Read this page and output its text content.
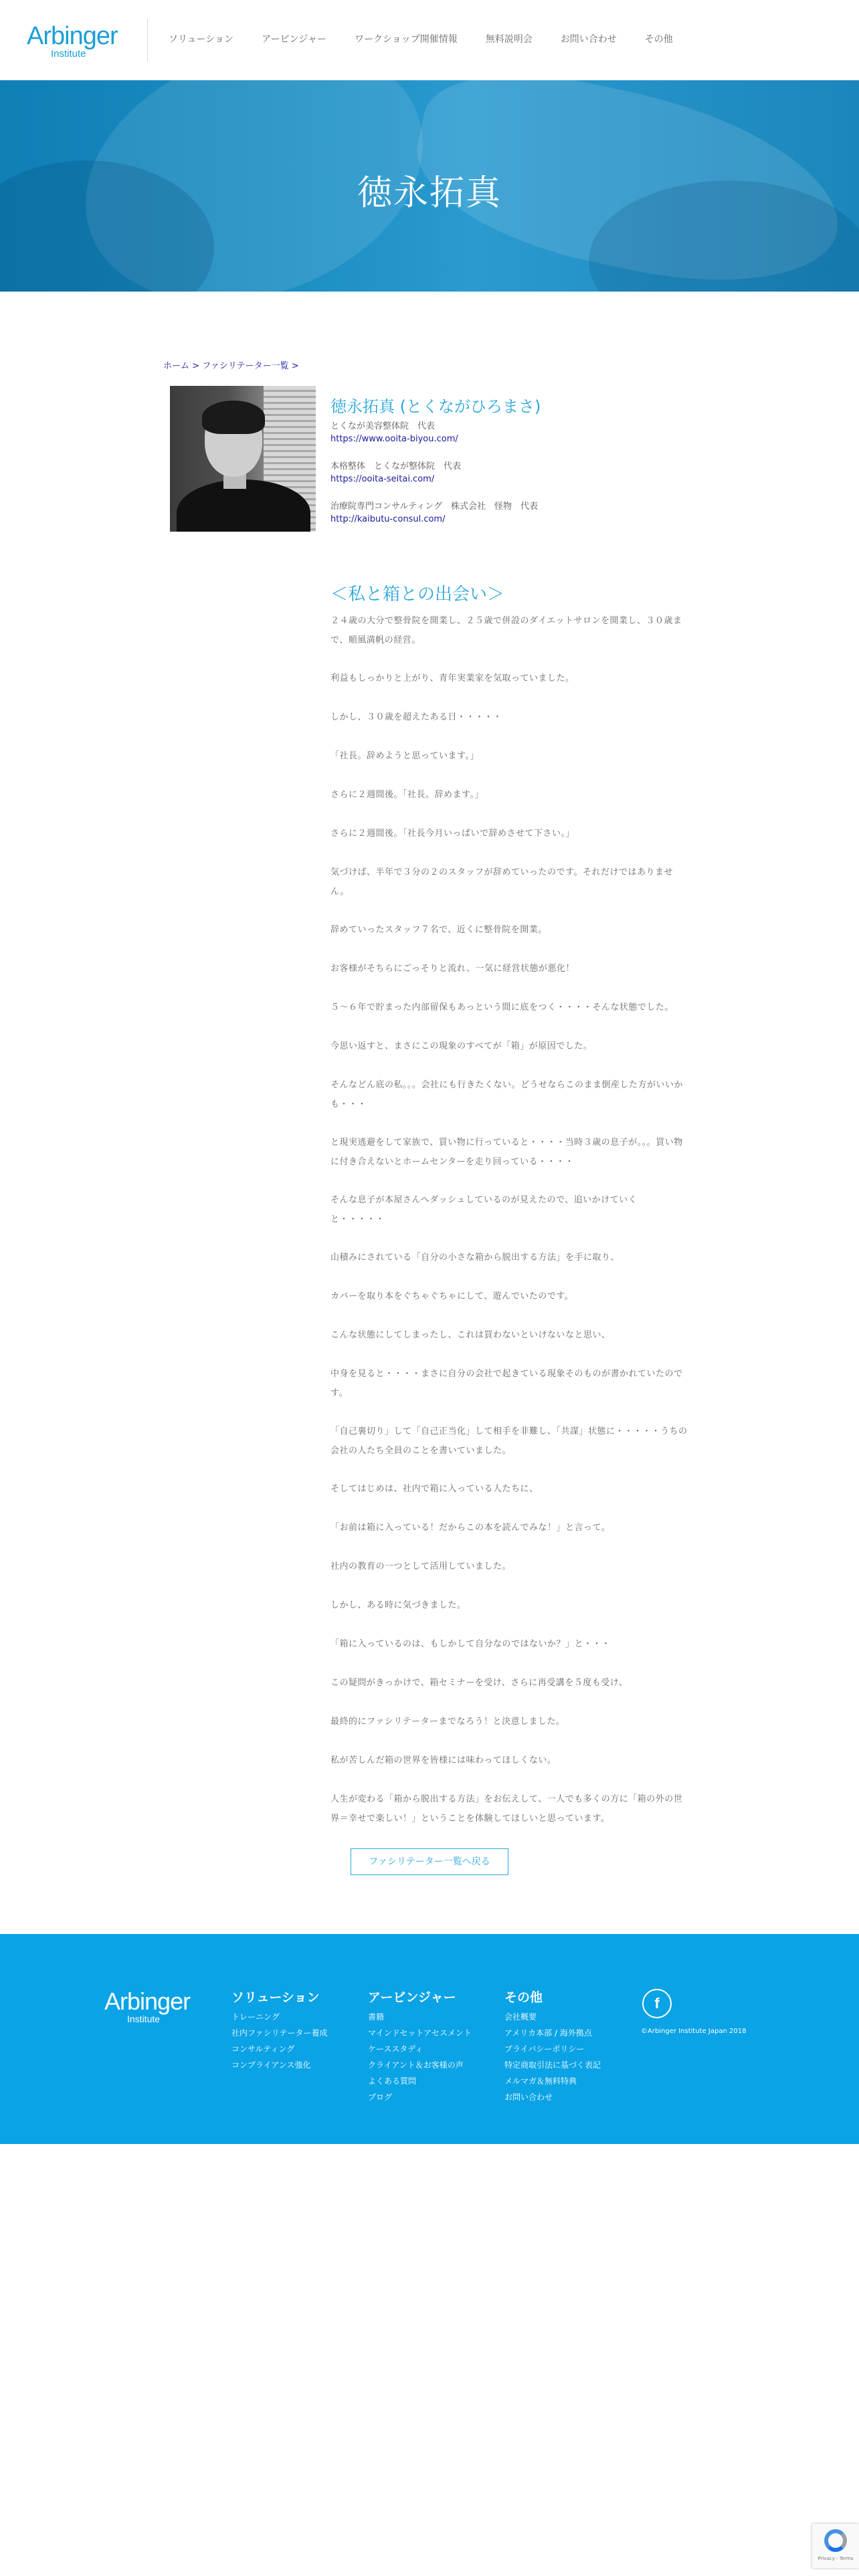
Arbinger
Institute
ソリューション	アービンジャー	ワークショップ開催情報	無料説明会	お問い合わせ	その他
徳永拓真
ホーム > ファシリテーター一覧 >
徳永拓真 (とくながひろまさ)
とくなが美容整体院　代表
https://www.ooita-biyou.com/
本格整体　とくなが整体院　代表
https://ooita-seitai.com/
治療院専門コンサルティング　株式会社　怪物　代表
http://kaibutu-consul.com/
＜私と箱との出会い＞
２４歳の大分で整骨院を開業し、２５歳で併設のダイエットサロンを開業し、３０歳まで、順風満帆の経営。
利益もしっかりと上がり、青年実業家を気取っていました。
しかし、３０歳を超えたある日・・・・・
「社長。辞めようと思っています。」
さらに２週間後。「社長。辞めます。」
さらに２週間後。「社長今月いっぱいで辞めさせて下さい。」
気づけば、半年で３分の２のスタッフが辞めていったのです。それだけではありません。
辞めていったスタッフ７名で、近くに整骨院を開業。
お客様がそちらにごっそりと流れ、一気に経営状態が悪化！
５〜６年で貯まった内部留保もあっという間に底をつく・・・・そんな状態でした。
今思い返すと、まさにこの現象のすべてが「箱」が原因でした。
そんなどん底の私。。。会社にも行きたくない。どうせならこのまま倒産した方がいいかも・・・
と現実逃避をして家族で、買い物に行っていると・・・・当時３歳の息子が。。。買い物に付き合えないとホームセンターを走り回っている・・・・
そんな息子が本屋さんへダッシュしているのが見えたので、追いかけていくと・・・・・
山積みにされている「自分の小さな箱から脱出する方法」を手に取り、
カバーを取り本をぐちゃぐちゃにして、遊んでいたのです。
こんな状態にしてしまったし、これは買わないといけないなと思い、
中身を見ると・・・・まさに自分の会社で起きている現象そのものが書かれていたのです。
「自己裏切り」して「自己正当化」して相手を非難し、「共謀」状態に・・・・・うちの会社の人たち全員のことを書いていました。
そしてはじめは、社内で箱に入っている人たちに、
「お前は箱に入っている！だからこの本を読んでみな！」と言って。
社内の教育の一つとして活用していました。
しかし、ある時に気づきました。
「箱に入っているのは、もしかして自分なのではないか？」と・・・
この疑問がきっかけで、箱セミナーを受け、さらに再受講を５度も受け、
最終的にファシリテーターまでなろう！と決意しました。
私が苦しんだ箱の世界を皆様には味わってほしくない。
人生が変わる「箱から脱出する方法」をお伝えして、一人でも多くの方に「箱の外の世界＝幸せで楽しい！」ということを体験してほしいと思っています。
ファシリテーター一覧へ戻る
Arbinger
Institute
ソリューション
トレーニング
社内ファシリテーター養成
コンサルティング
コンプライアンス強化
アービンジャー
書籍
マインドセットアセスメント
ケーススタディ
クライアント＆お客様の声
よくある質問
ブログ
その他
会社概要
アメリカ本部 / 海外拠点
プライバシーポリシー
特定商取引法に基づく表記
メルマガ＆無料特典
お問い合わせ
f
©Arbinger Institute Japan 2018
Privacy - Terms
